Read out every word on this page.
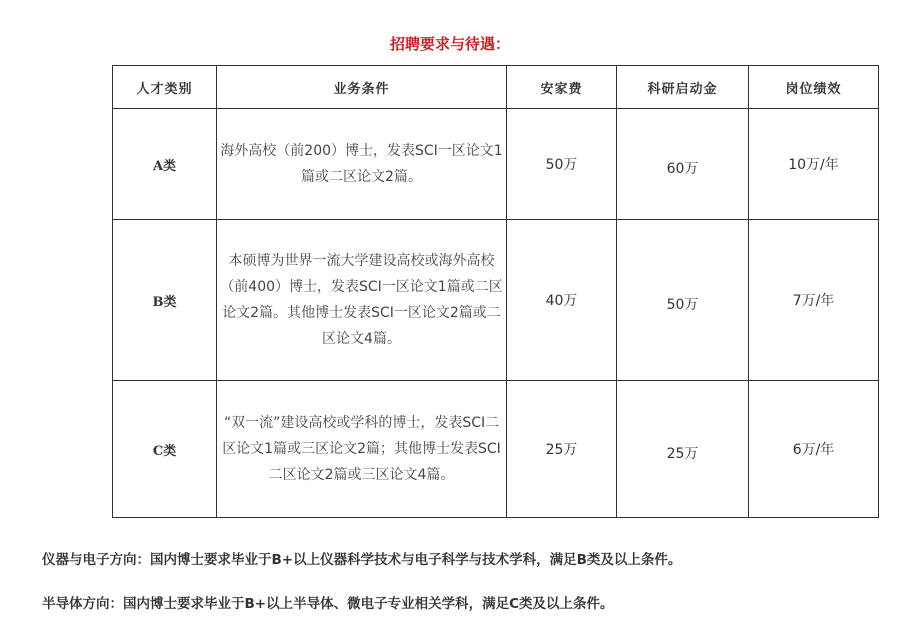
招聘要求与待遇：
人才类别	业务条件	安家费	科研启动金	岗位绩效
A类	海外高校（前200）博士，发表SCI一区论文1篇或二区论文2篇。	50万	60万	10万/年
B类	本硕博为世界一流大学建设高校或海外高校（前400）博士，发表SCI一区论文1篇或二区论文2篇。其他博士发表SCI一区论文2篇或二区论文4篇。	40万	50万	7万/年
C类	“双一流”建设高校或学科的博士，发表SCI二区论文1篇或三区论文2篇；其他博士发表SCI二区论文2篇或三区论文4篇。	25万	25万	6万/年
仪器与电子方向：国内博士要求毕业于B+以上仪器科学技术与电子科学与技术学科，满足B类及以上条件。
半导体方向：国内博士要求毕业于B+以上半导体、微电子专业相关学科，满足C类及以上条件。
